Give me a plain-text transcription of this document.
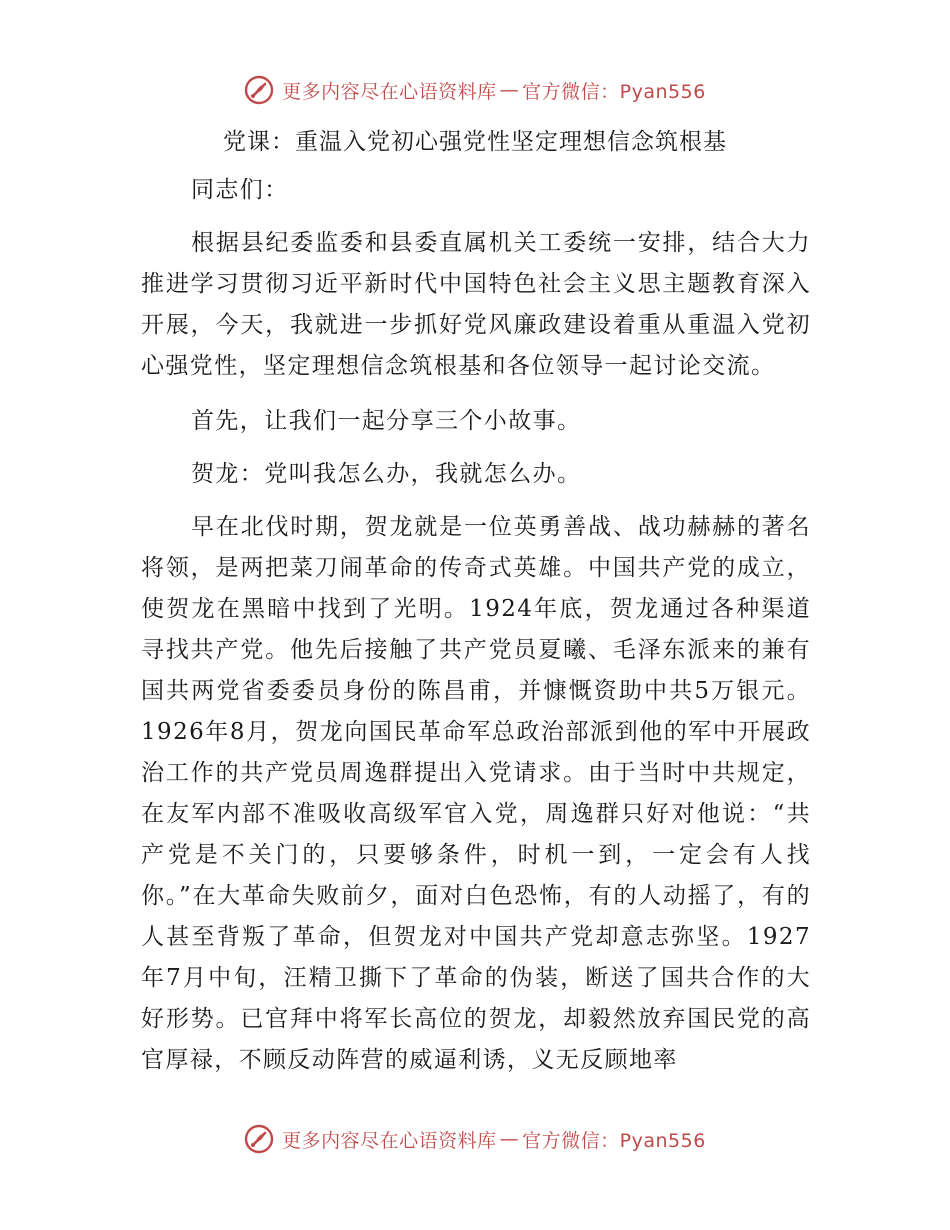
更多内容尽在心语资料库 — 官方微信：Pyan556
党课：重温入党初心强党性坚定理想信念筑根基

同志们：

根据县纪委监委和县委直属机关工委统一安排，结合大力推进学习贯彻习近平新时代中国特色社会主义思主题教育深入开展，今天，我就进一步抓好党风廉政建设着重从重温入党初心强党性，坚定理想信念筑根基和各位领导一起讨论交流。

首先，让我们一起分享三个小故事。

贺龙：党叫我怎么办，我就怎么办。

早在北伐时期，贺龙就是一位英勇善战、战功赫赫的著名将领，是两把菜刀闹革命的传奇式英雄。中国共产党的成立，使贺龙在黑暗中找到了光明。1924年底，贺龙通过各种渠道寻找共产党。他先后接触了共产党员夏曦、毛泽东派来的兼有国共两党省委委员身份的陈昌甫，并慷慨资助中共5万银元。1926年8月，贺龙向国民革命军总政治部派到他的军中开展政治工作的共产党员周逸群提出入党请求。由于当时中共规定，在友军内部不准吸收高级军官入党，周逸群只好对他说：“共产党是不关门的，只要够条件，时机一到，一定会有人找你。”在大革命失败前夕，面对白色恐怖，有的人动摇了，有的人甚至背叛了革命，但贺龙对中国共产党却意志弥坚。1927年7月中旬，汪精卫撕下了革命的伪装，断送了国共合作的大好形势。已官拜中将军长高位的贺龙，却毅然放弃国民党的高官厚禄，不顾反动阵营的威逼利诱，义无反顾地率

更多内容尽在心语资料库 — 官方微信：Pyan556
